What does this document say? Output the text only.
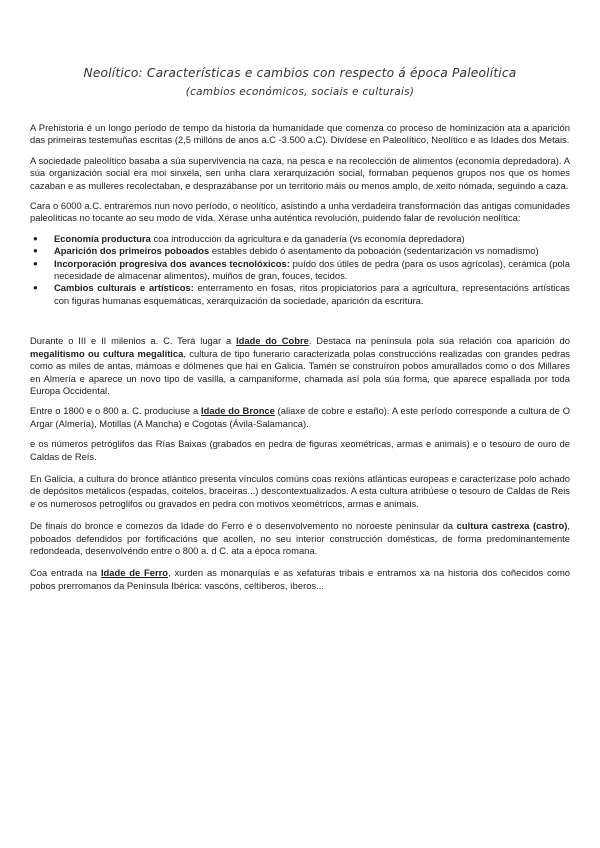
Neolítico: Características e cambios con respecto á época Paleolítica
(cambios económicos, sociais e culturais)

A Prehistoria é un longo período de tempo da historia da humanidade que comenza co proceso de hominización ata a aparición das primeiras testemuñas escritas (2,5 millóns de anos a.C -3.500 a.C). Divídese en Paleolítico, Neolítico e as Idades dos Metais.

A sociedade paleolítico basaba a súa supervivencia na caza, na pesca e na recolección de alimentos (economía depredadora). A súa organización social era moi sinxela, sen unha clara xerarquización social, formaban pequenos grupos nos que os homes cazaban e as mulleres recolectaban, e desprazábanse por un territorio máis ou menos amplo, de xeito nómada, seguindo a caza.

Cara o 6000 a.C. entraremos nun novo período, o neolítico, asistindo a unha verdadeira transformación das antigas comunidades paleolíticas no tocante ao seu modo de vida. Xérase unha auténtica revolución, puidendo falar de revolución neolítica:

● Economía productura coa introducción da agricultura e da ganadería (vs economía depredadora)
● Aparición dos primeiros poboados estables debido ó asentamento da poboación (sedentarización vs nomadismo)
● Incorporación progresiva dos avances tecnolóxicos: puído dos útiles de pedra (para os usos agrícolas), cerámica (pola necesidade de almacenar alimentos), muiños de gran, fouces, tecidos.
● Cambios culturais e artísticos: enterramento en fosas, ritos propiciatorios para a agricultura, representacións artísticas con figuras humanas esquemáticas, xerarquización da sociedade, aparición da escritura.

Durante o III e II milenios a. C. Terá lugar a Idade do Cobre. Destaca na península pola súa relación coa aparición do megalitismo ou cultura megalítica, cultura de tipo funerario caracterizada polas construccións realizadas con grandes pedras como as miles de antas, mámoas e dólmenes que hai en Galicia. Tamén se construíron pobos amurallados como o dos Millares en Almería e aparece un novo tipo de vasilla, a campaniforme, chamada así pola súa forma, que aparece espallada por toda Europa Occidental.

Entre o 1800 e o 800 a. C. produciuse a Idade do Bronce (aliaxe de cobre e estaño). A este período corresponde a cultura de O Argar (Almería), Motillas (A Mancha) e Cogotas (Ávila-Salamanca).

e os números petróglifos das Rías Baixas (grabados en pedra de figuras xeométricas, armas e animais) e o tesouro de ouro de Caldas de Reís.

En Galicia, a cultura do bronce atlántico presenta vínculos comúns coas rexións atlánticas europeas e caracterízase polo achado de depósitos metálicos (espadas, coitelos, braceiras...) descontextualizados. A esta cultura atribúese o tesouro de Caldas de Reis e os numerosos petroglifos ou gravados en pedra con motivos xeométricos, armas e animais.

De finais do bronce e comezos da Idade do Ferro é o desenvolvemento no noroeste peninsular da cultura castrexa (castro), poboados defendidos por fortificacións que acollen, no seu interior construcción domésticas, de forma predominantemente redondeada, desenvolvéndo entre o 800 a. d C. ata a época romana.

Coa entrada na Idade de Ferro, xurden as monarquías e as xefaturas tribais e entramos xa na historia dos coñecidos como pobos prerromanos da Península Ibérica: vascóns, celtíberos, íberos...
